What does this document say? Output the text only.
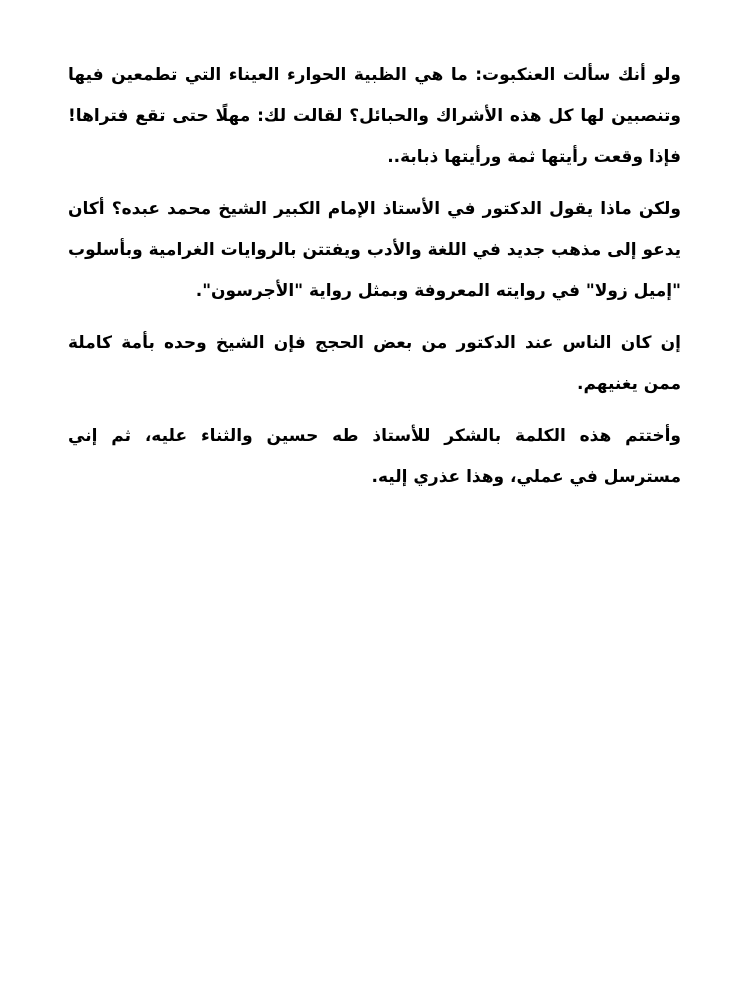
ولو أنك سألت العنكبوت: ما هي الظبية الحوارء العيناء التي تطمعين فيها وتنصبين لها كل هذه الأشراك والحبائل؟ لقالت لك: مهلًا حتى تقع فتراها! فإذا وقعت رأيتها ثمة ورأيتها ذبابة..

ولكن ماذا يقول الدكتور في الأستاذ الإمام الكبير الشيخ محمد عبده؟ أكان يدعو إلى مذهب جديد في اللغة والأدب ويفتتن بالروايات الغرامية وبأسلوب "إميل زولا" في روايته المعروفة وبمثل رواية "الأجرسون".

إن كان الناس عند الدكتور من بعض الحجج فإن الشيخ وحده بأمة كاملة ممن يغنيهم.

وأختتم هذه الكلمة بالشكر للأستاذ طه حسين والثناء عليه، ثم إني مسترسل في عملي، وهذا عذري إليه.
